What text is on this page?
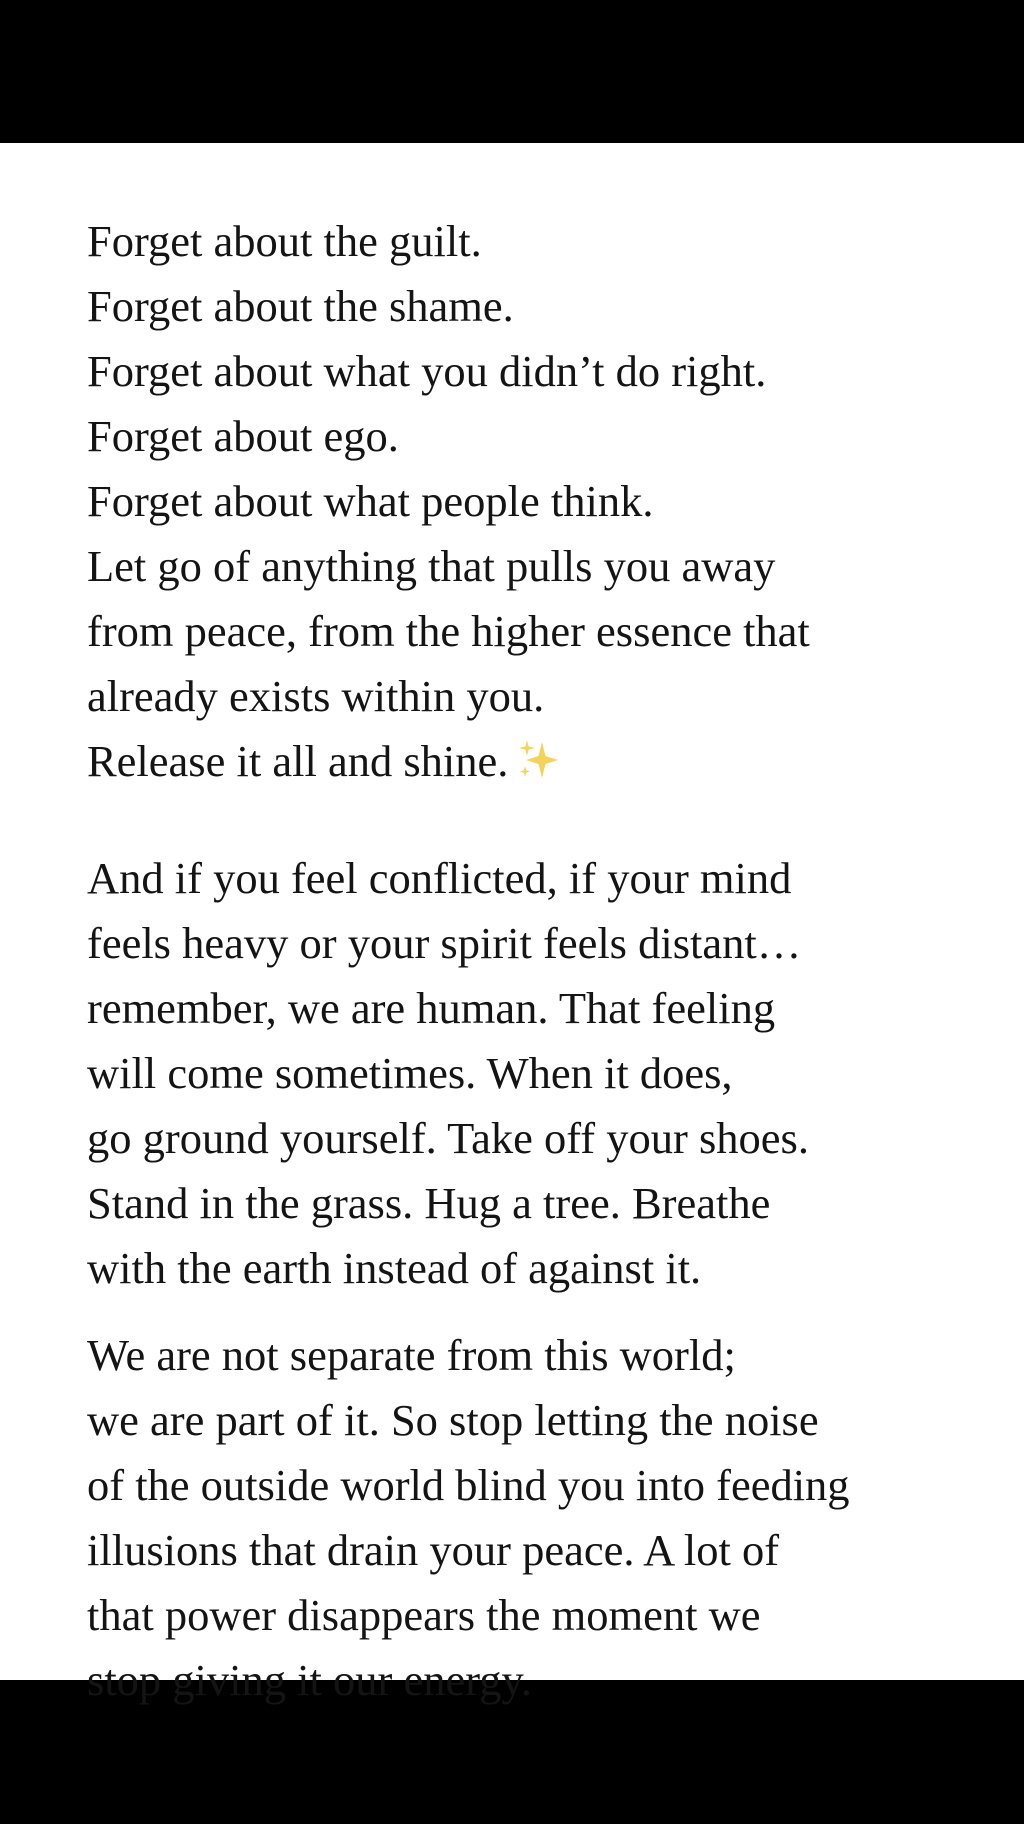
Forget about the guilt.
Forget about the shame.
Forget about what you didn’t do right.
Forget about ego.
Forget about what people think.
Let go of anything that pulls you away
from peace, from the higher essence that
already exists within you.
Release it all and shine.
And if you feel conflicted, if your mind
feels heavy or your spirit feels distant…
remember, we are human. That feeling
will come sometimes. When it does,
go ground yourself. Take off your shoes.
Stand in the grass. Hug a tree. Breathe
with the earth instead of against it.
We are not separate from this world;
we are part of it. So stop letting the noise
of the outside world blind you into feeding
illusions that drain your peace. A lot of
that power disappears the moment we
stop giving it our energy.
